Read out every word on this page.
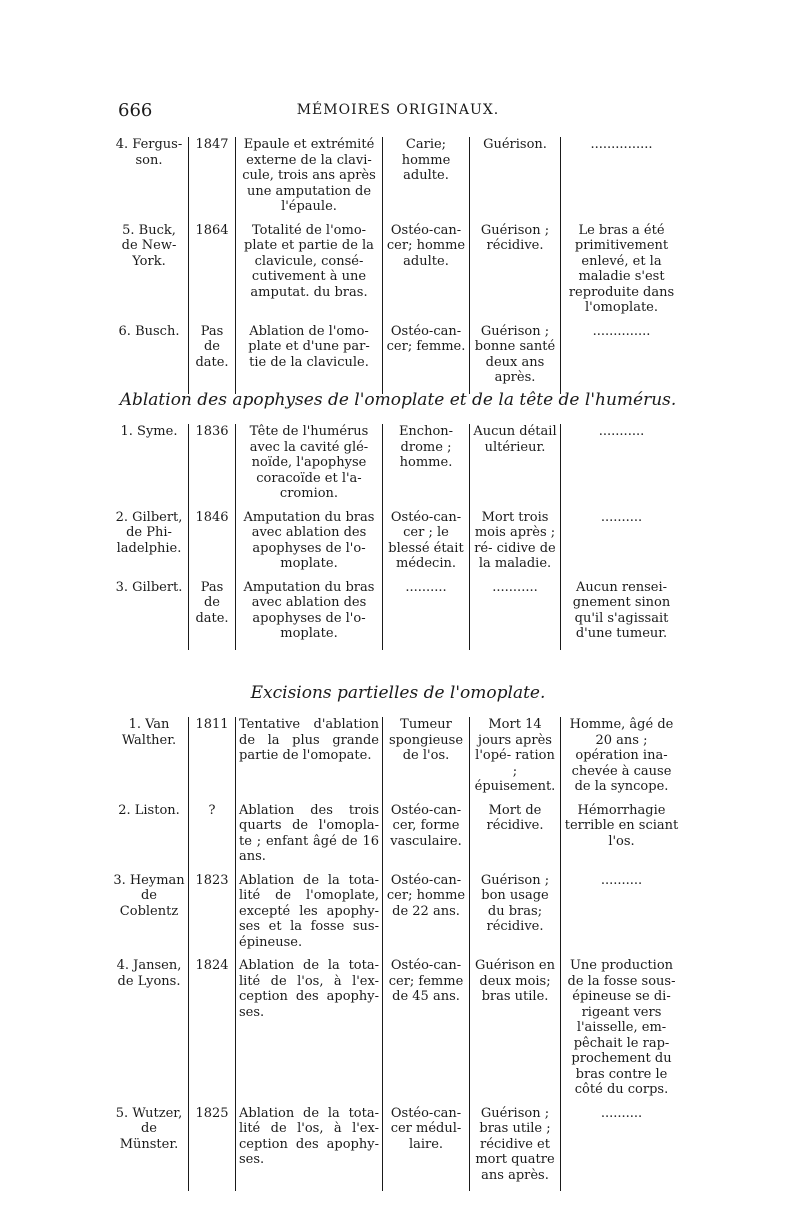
666	MÉMOIRES ORIGINAUX.
4. Fergus- son.	1847	Epaule et extrémité externe de la clavi- cule, trois ans après une amputation de l'épaule.	Carie; homme adulte.	Guérison.	...............
5. Buck, de New- York.	1864	Totalité de l'omo- plate et partie de la clavicule, consé- cutivement à une amputat. du bras.	Ostéo-can- cer; homme adulte.	Guérison ; récidive.	Le bras a été primitivement enlevé, et la maladie s'est reproduite dans l'omoplate.
6. Busch.	Pas de date.	Ablation de l'omo- plate et d'une par- tie de la clavicule.	Ostéo-can- cer; femme.	Guérison ; bonne santé deux ans après.	..............
Ablation des apophyses de l'omoplate et de la tête de l'humérus.
1. Syme.	1836	Tête de l'humérus avec la cavité glé- noïde, l'apophyse coracoïde et l'a- cromion.	Enchon- drome ; homme.	Aucun détail ultérieur.	...........
2. Gilbert, de Phi- ladelphie.	1846	Amputation du bras avec ablation des apophyses de l'o- moplate.	Ostéo-can- cer ; le blessé était médecin.	Mort trois mois après ; ré- cidive de la maladie.	..........
3. Gilbert.	Pas de date.	Amputation du bras avec ablation des apophyses de l'o- moplate.	..........	...........	Aucun rensei- gnement sinon qu'il s'agissait d'une tumeur.
Excisions partielles de l'omoplate.
1. Van Walther.	1811	Tentative d'ablation de la plus grande partie de l'omopate.	Tumeur spongieuse de l'os.	Mort 14 jours après l'opé- ration ; épuisement.	Homme, âgé de 20 ans ; opération ina- chevée à cause de la syncope.
2. Liston.	?	Ablation des trois quarts de l'omopla- te ; enfant âgé de 16 ans.	Ostéo-can- cer, forme vasculaire.	Mort de récidive.	Hémorrhagie terrible en sciant l'os.
3. Heyman de Coblentz	1823	Ablation de la tota- lité de l'omoplate, excepté les apophy- ses et la fosse sus- épineuse.	Ostéo-can- cer; homme de 22 ans.	Guérison ; bon usage du bras; récidive.	..........
4. Jansen, de Lyons.	1824	Ablation de la tota- lité de l'os, à l'ex- ception des apophy- ses.	Ostéo-can- cer; femme de 45 ans.	Guérison en deux mois; bras utile.	Une production de la fosse sous- épineuse se di- rigeant vers l'aisselle, em- pêchait le rap- prochement du bras contre le côté du corps.
5. Wutzer, de Münster.	1825	Ablation de la tota- lité de l'os, à l'ex- ception des apophy- ses.	Ostéo-can- cer médul- laire.	Guérison ; bras utile ; récidive et mort quatre ans après.	..........
